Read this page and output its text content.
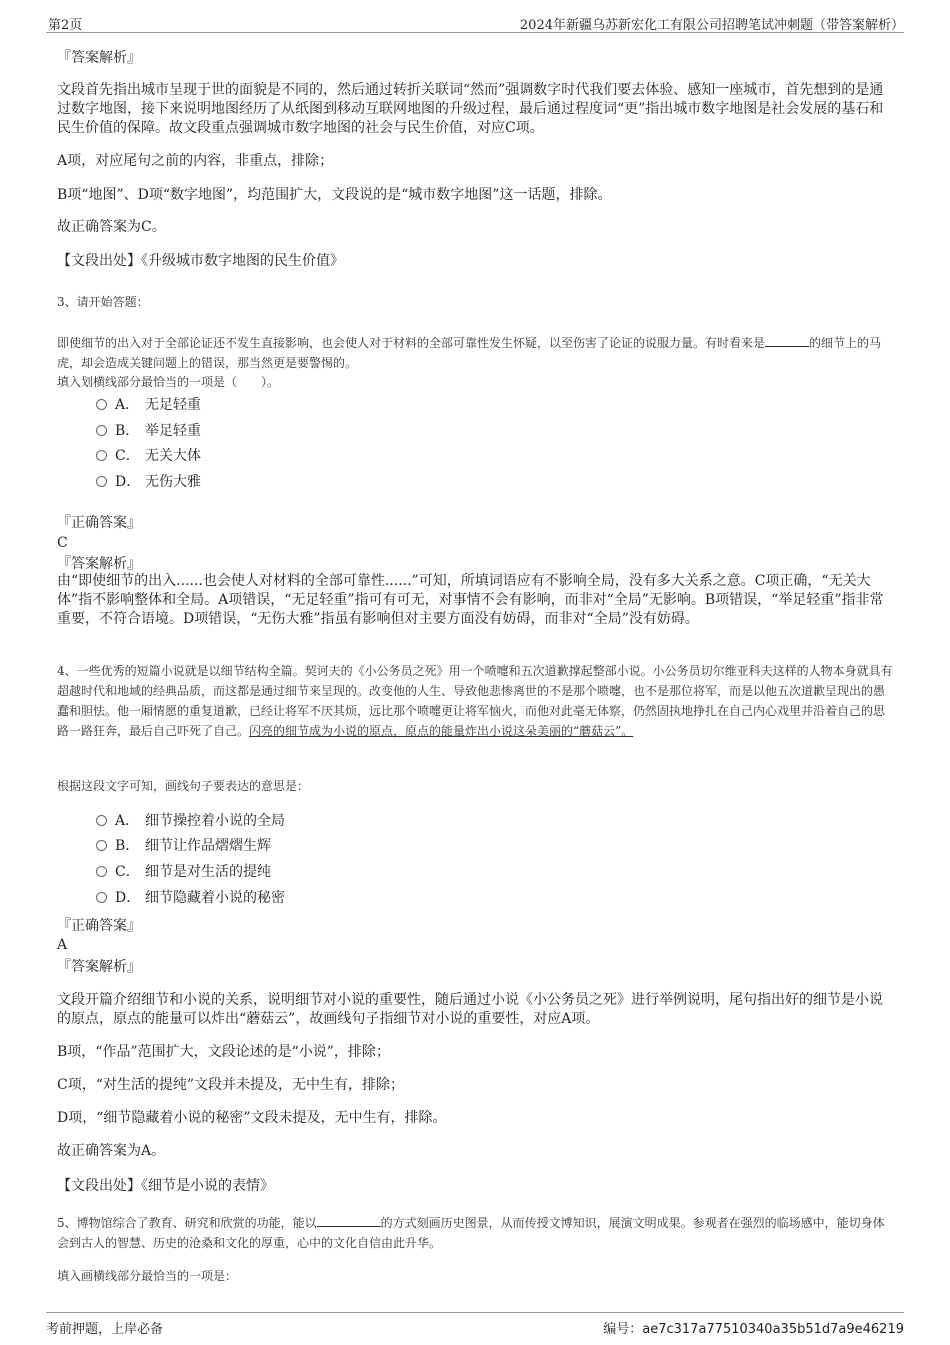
第2页	2024年新疆乌苏新宏化工有限公司招聘笔试冲刺题（带答案解析）

『答案解析』

文段首先指出城市呈现于世的面貌是不同的，然后通过转折关联词“然而”强调数字时代我们要去体验、感知一座城市，首先想到的是通过数字地图，接下来说明地图经历了从纸图到移动互联网地图的升级过程，最后通过程度词“更”指出城市数字地图是社会发展的基石和民生价值的保障。故文段重点强调城市数字地图的社会与民生价值，对应C项。

A项，对应尾句之前的内容，非重点，排除；

B项“地图”、D项“数字地图”，均范围扩大，文段说的是“城市数字地图”这一话题，排除。

故正确答案为C。

【文段出处】《升级城市数字地图的民生价值》

3、请开始答题：

即使细节的出入对于全部论证还不发生直接影响，也会使人对于材料的全部可靠性发生怀疑，以至伤害了论证的说服力量。有时看来是	的细节上的马虎，却会造成关键问题上的错误，那当然更是要警惕的。

填入划横线部分最恰当的一项是（　　）。

A． 无足轻重
B． 举足轻重
C． 无关大体
D． 无伤大雅

『正确答案』

C

『答案解析』

由“即使细节的出入......也会使人对材料的全部可靠性......”可知，所填词语应有不影响全局，没有多大关系之意。C项正确，“无关大体”指不影响整体和全局。A项错误，“无足轻重”指可有可无，对事情不会有影响，而非对“全局”无影响。B项错误，“举足轻重”指非常重要，不符合语境。D项错误，“无伤大雅”指虽有影响但对主要方面没有妨碍，而非对“全局”没有妨碍。

4、一些优秀的短篇小说就是以细节结构全篇。契诃夫的《小公务员之死》用一个喷嚏和五次道歉撑起整部小说。小公务员切尔维亚科夫这样的人物本身就具有超越时代和地域的经典品质，而这都是通过细节来呈现的。改变他的人生、导致他悲惨离世的不是那个喷嚏，也不是那位将军，而是以他五次道歉呈现出的愚蠢和胆怯。他一厢情愿的重复道歉，已经让将军不厌其烦，远比那个喷嚏更让将军恼火，而他对此毫无体察，仍然固执地挣扎在自己内心戏里并沿着自己的思路一路狂奔，最后自己吓死了自己。闪亮的细节成为小说的原点，原点的能量炸出小说这朵美丽的“蘑菇云”。

根据这段文字可知，画线句子要表达的意思是：

A． 细节操控着小说的全局
B． 细节让作品熠熠生辉
C． 细节是对生活的提纯
D． 细节隐藏着小说的秘密

『正确答案』

A

『答案解析』

文段开篇介绍细节和小说的关系，说明细节对小说的重要性，随后通过小说《小公务员之死》进行举例说明，尾句指出好的细节是小说的原点，原点的能量可以炸出“蘑菇云”，故画线句子指细节对小说的重要性，对应A项。

B项，“作品”范围扩大，文段论述的是“小说”，排除；

C项，“对生活的提纯”文段并未提及，无中生有，排除；

D项，“细节隐藏着小说的秘密”文段未提及，无中生有，排除。

故正确答案为A。

【文段出处】《细节是小说的表情》

5、博物馆综合了教育、研究和欣赏的功能，能以	的方式刻画历史图景，从而传授文博知识，展演文明成果。参观者在强烈的临场感中，能切身体会到古人的智慧、历史的沧桑和文化的厚重，心中的文化自信由此升华。

填入画横线部分最恰当的一项是：

考前押题，上岸必备	编号：ae7c317a77510340a35b51d7a9e46219
